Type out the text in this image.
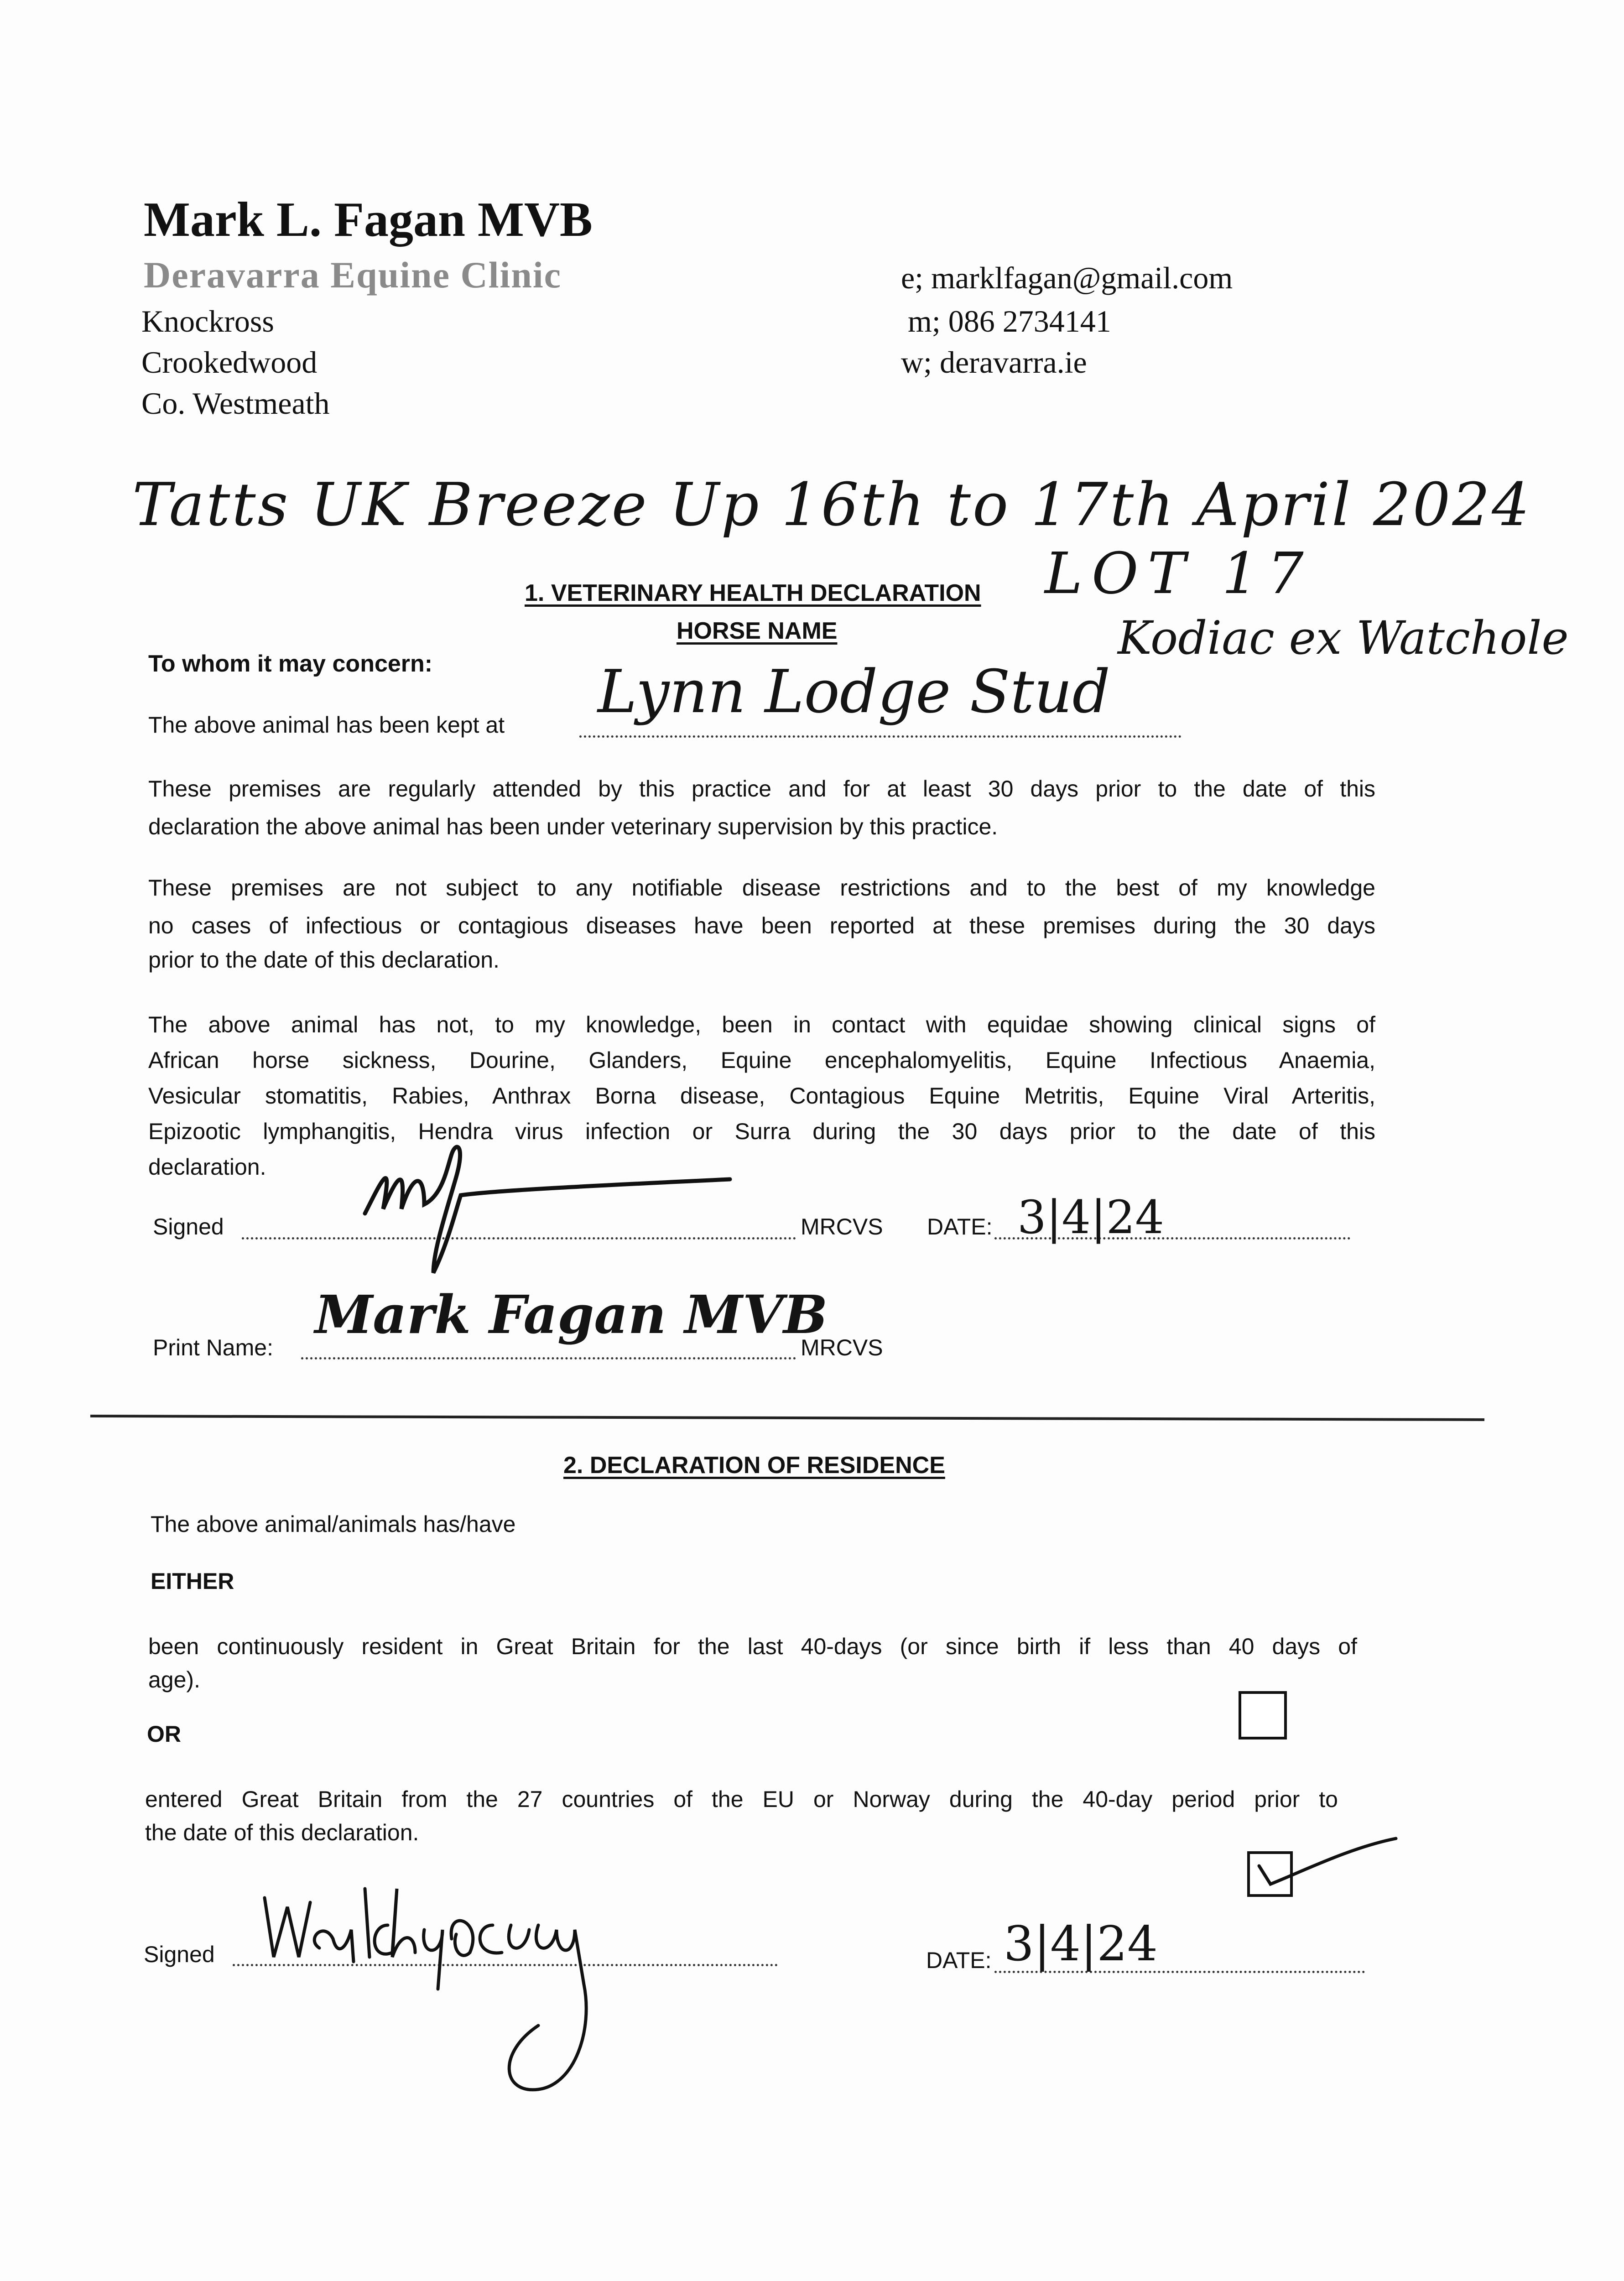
Mark L. Fagan MVB
Deravarra Equine Clinic
Knockross
Crookedwood
Co. Westmeath
e; marklfagan@gmail.com
m; 086 2734141
w; deravarra.ie
Tatts UK Breeze Up 16th to 17th April 2024
LOT 17
Kodiac ex Watchole
1. VETERINARY HEALTH DECLARATION
HORSE NAME
To whom it may concern:
The above animal has been kept at Lynn Lodge Stud
These premises are regularly attended by this practice and for at least 30 days prior to the date of this
declaration the above animal has been under veterinary supervision by this practice.
These premises are not subject to any notifiable disease restrictions and to the best of my knowledge
no cases of infectious or contagious diseases have been reported at these premises during the 30 days
prior to the date of this declaration.
The above animal has not, to my knowledge, been in contact with equidae showing clinical signs of
African horse sickness, Dourine, Glanders, Equine encephalomyelitis, Equine Infectious Anaemia,
Vesicular stomatitis, Rabies, Anthrax Borna disease, Contagious Equine Metritis, Equine Viral Arteritis,
Epizootic lymphangitis, Hendra virus infection or Surra during the 30 days prior to the date of this
declaration.
Signed	MRCVS DATE: 3|4|24
Print Name:	MRCVS
Mark Fagan MVB
2. DECLARATION OF RESIDENCE
The above animal/animals has/have
EITHER
been continuously resident in Great Britain for the last 40-days (or since birth if less than 40 days of
age).
OR
entered Great Britain from the 27 countries of the EU or Norway during the 40-day period prior to
the date of this declaration.
Signed	DATE: 3|4|24
